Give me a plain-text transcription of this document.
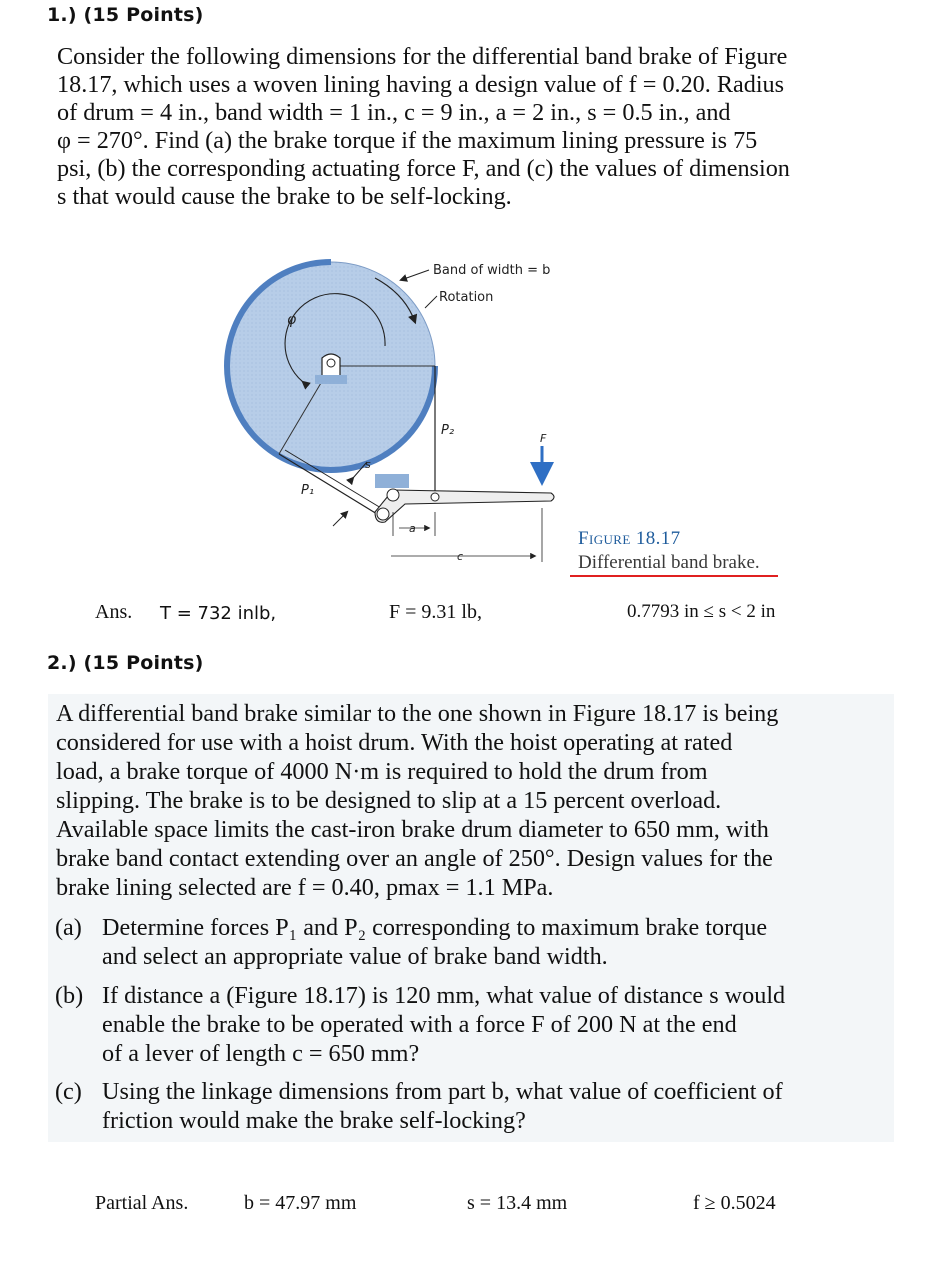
1.) (15 Points)
Consider the following dimensions for the differential band brake of Figure
18.17, which uses a woven lining having a design value of f = 0.20. Radius
of drum = 4 in., band width = 1 in., c = 9 in., a = 2 in., s = 0.5 in., and
φ = 270°. Find (a) the brake torque if the maximum lining pressure is 75
psi, (b) the corresponding actuating force F, and (c) the values of dimension
s that would cause the brake to be self-locking.
Band of width = b
Rotation
φ
P₁
P₂
F
s
a
c
Figure 18.17
Differential band brake.
Ans. T = 732 inlb,	F = 9.31 lb,	0.7793 in ≤ s < 2 in
2.) (15 Points)
A differential band brake similar to the one shown in Figure 18.17 is being
considered for use with a hoist drum. With the hoist operating at rated
load, a brake torque of 4000 N·m is required to hold the drum from
slipping. The brake is to be designed to slip at a 15 percent overload.
Available space limits the cast-iron brake drum diameter to 650 mm, with
brake band contact extending over an angle of 250°. Design values for the
brake lining selected are f = 0.40, pmax = 1.1 MPa.
(a) Determine forces P₁ and P₂ corresponding to maximum brake torque
and select an appropriate value of brake band width.
(b) If distance a (Figure 18.17) is 120 mm, what value of distance s would
enable the brake to be operated with a force F of 200 N at the end
of a lever of length c = 650 mm?
(c) Using the linkage dimensions from part b, what value of coefficient of
friction would make the brake self-locking?
Partial Ans.	b = 47.97 mm	s = 13.4 mm	f ≥ 0.5024
